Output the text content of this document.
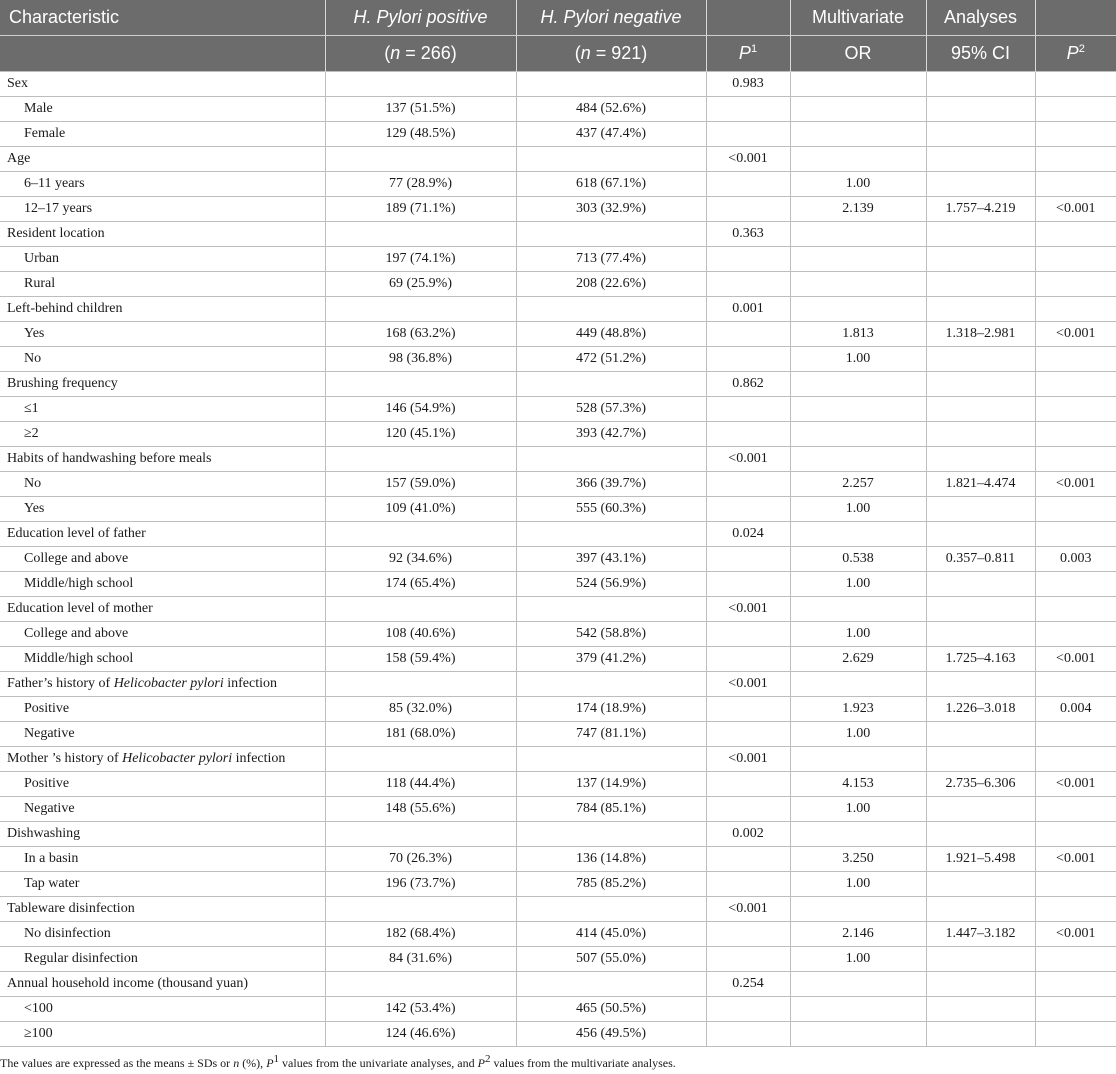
Characteristic	H. Pylori positive	H. Pylori negative		Multivariate	Analyses	
	(n = 266)	(n = 921)	$P^1$	OR	95% CI	$P^2$
Sex			0.983			
Male	137 (51.5%)	484 (52.6%)				
Female	129 (48.5%)	437 (47.4%)				
Age			<0.001			
6–11 years	77 (28.9%)	618 (67.1%)		1.00		
12–17 years	189 (71.1%)	303 (32.9%)		2.139	1.757–4.219	<0.001
Resident location			0.363			
Urban	197 (74.1%)	713 (77.4%)				
Rural	69 (25.9%)	208 (22.6%)				
Left-behind children			0.001			
Yes	168 (63.2%)	449 (48.8%)		1.813	1.318–2.981	<0.001
No	98 (36.8%)	472 (51.2%)		1.00		
Brushing frequency			0.862			
≤1	146 (54.9%)	528 (57.3%)				
≥2	120 (45.1%)	393 (42.7%)				
Habits of handwashing before meals			<0.001			
No	157 (59.0%)	366 (39.7%)		2.257	1.821–4.474	<0.001
Yes	109 (41.0%)	555 (60.3%)		1.00		
Education level of father			0.024			
College and above	92 (34.6%)	397 (43.1%)		0.538	0.357–0.811	0.003
Middle/high school	174 (65.4%)	524 (56.9%)		1.00		
Education level of mother			<0.001			
College and above	108 (40.6%)	542 (58.8%)		1.00		
Middle/high school	158 (59.4%)	379 (41.2%)		2.629	1.725–4.163	<0.001
Father’s history of Helicobacter pylori infection			<0.001			
Positive	85 (32.0%)	174 (18.9%)		1.923	1.226–3.018	0.004
Negative	181 (68.0%)	747 (81.1%)		1.00		
Mother ’s history of Helicobacter pylori infection			<0.001			
Positive	118 (44.4%)	137 (14.9%)		4.153	2.735–6.306	<0.001
Negative	148 (55.6%)	784 (85.1%)		1.00		
Dishwashing			0.002			
In a basin	70 (26.3%)	136 (14.8%)		3.250	1.921–5.498	<0.001
Tap water	196 (73.7%)	785 (85.2%)		1.00		
Tableware disinfection			<0.001			
No disinfection	182 (68.4%)	414 (45.0%)		2.146	1.447–3.182	<0.001
Regular disinfection	84 (31.6%)	507 (55.0%)		1.00		
Annual household income (thousand yuan)			0.254			
<100	142 (53.4%)	465 (50.5%)				
≥100	124 (46.6%)	456 (49.5%)				
The values are expressed as the means ± SDs or n (%), $P^1$ values from the univariate analyses, and $P^2$ values from the multivariate analyses.
